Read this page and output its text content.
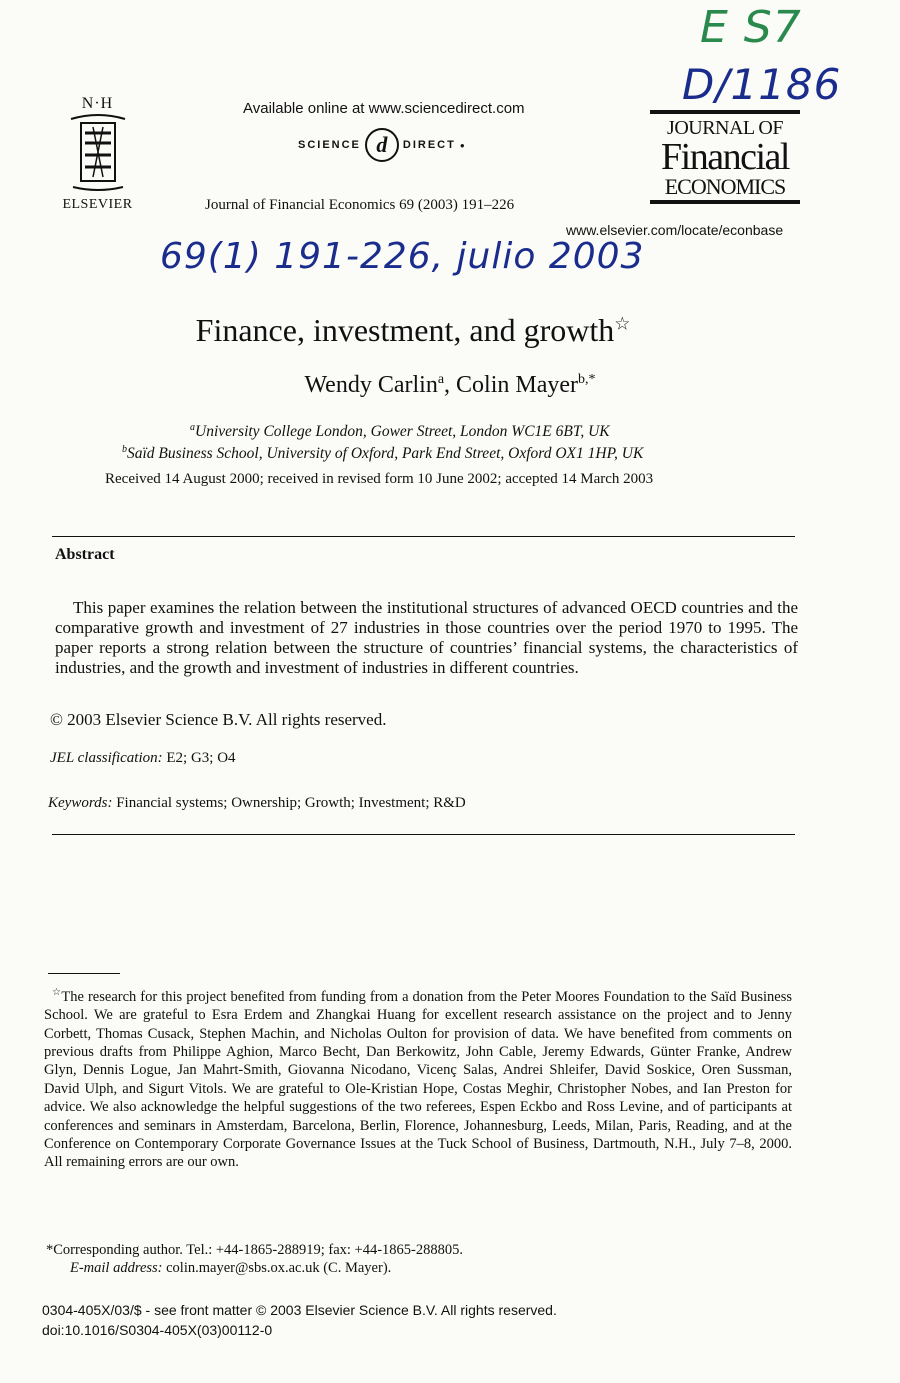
E S7
D/1186
69(1) 191-226, julio 2003
N·H
ELSEVIER
Available online at www.sciencedirect.com
SCIENCE d	DIRECT ●
Journal of Financial Economics 69 (2003) 191–226
JOURNAL OF
Financial
ECONOMICS
www.elsevier.com/locate/econbase
Finance, investment, and growth☆
Wendy Carlin$^a$, Colin Mayer$^{b,*}$
$^a$University College London, Gower Street, London WC1E 6BT, UK
$^b$Saïd Business School, University of Oxford, Park End Street, Oxford OX1 1HP, UK
Received 14 August 2000; received in revised form 10 June 2002; accepted 14 March 2003
Abstract
This paper examines the relation between the institutional structures of advanced OECD countries and the comparative growth and investment of 27 industries in those countries over the period 1970 to 1995. The paper reports a strong relation between the structure of countries’ financial systems, the characteristics of industries, and the growth and investment of industries in different countries.
© 2003 Elsevier Science B.V. All rights reserved.
JEL classification: E2; G3; O4
Keywords: Financial systems; Ownership; Growth; Investment; R&D
☆The research for this project benefited from funding from a donation from the Peter Moores Foundation to the Saïd Business School. We are grateful to Esra Erdem and Zhangkai Huang for excellent research assistance on the project and to Jenny Corbett, Thomas Cusack, Stephen Machin, and Nicholas Oulton for provision of data. We have benefited from comments on previous drafts from Philippe Aghion, Marco Becht, Dan Berkowitz, John Cable, Jeremy Edwards, Günter Franke, Andrew Glyn, Dennis Logue, Jan Mahrt-Smith, Giovanna Nicodano, Vicenç Salas, Andrei Shleifer, David Soskice, Oren Sussman, David Ulph, and Sigurt Vitols. We are grateful to Ole-Kristian Hope, Costas Meghir, Christopher Nobes, and Ian Preston for advice. We also acknowledge the helpful suggestions of the two referees, Espen Eckbo and Ross Levine, and of participants at conferences and seminars in Amsterdam, Barcelona, Berlin, Florence, Johannesburg, Leeds, Milan, Paris, Reading, and at the Conference on Contemporary Corporate Governance Issues at the Tuck School of Business, Dartmouth, N.H., July 7–8, 2000. All remaining errors are our own.
*Corresponding author. Tel.: +44-1865-288919; fax: +44-1865-288805.
E-mail address: colin.mayer@sbs.ox.ac.uk (C. Mayer).
0304-405X/03/$ - see front matter © 2003 Elsevier Science B.V. All rights reserved.
doi:10.1016/S0304-405X(03)00112-0
